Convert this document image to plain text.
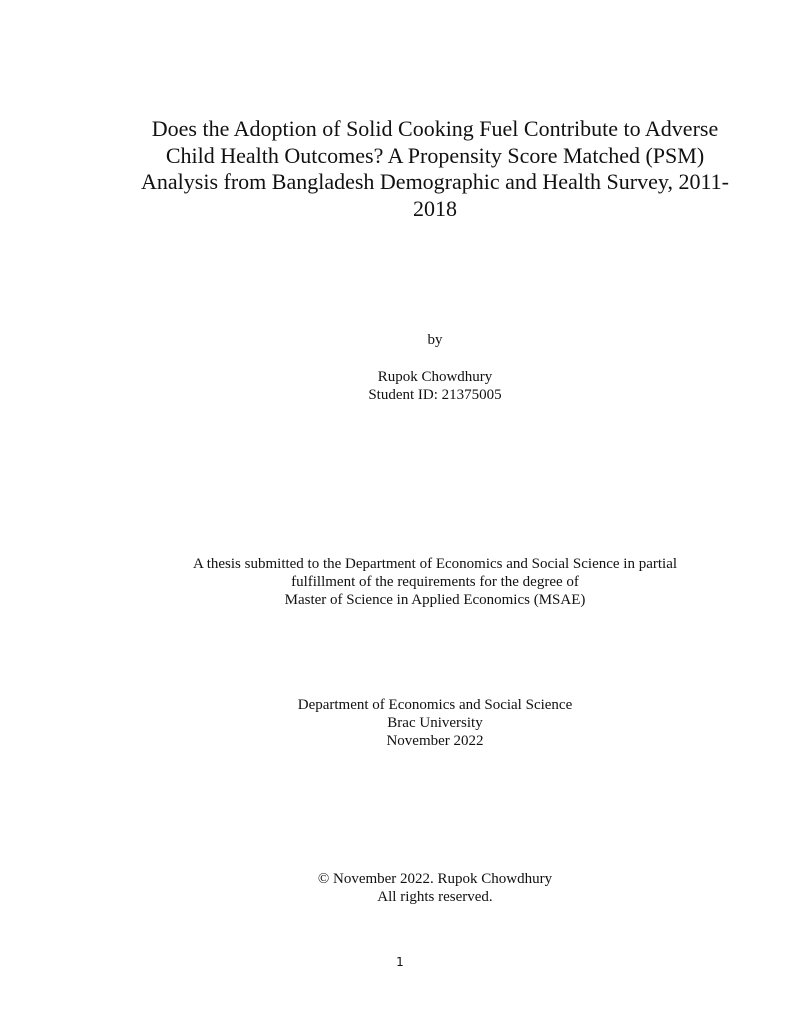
Does the Adoption of Solid Cooking Fuel Contribute to Adverse
Child Health Outcomes? A Propensity Score Matched (PSM)
Analysis from Bangladesh Demographic and Health Survey, 2011-
2018
by
Rupok Chowdhury
Student ID: 21375005
A thesis submitted to the Department of Economics and Social Science in partial
fulfillment of the requirements for the degree of
Master of Science in Applied Economics (MSAE)
Department of Economics and Social Science
Brac University
November 2022
© November 2022. Rupok Chowdhury
All rights reserved.
1
